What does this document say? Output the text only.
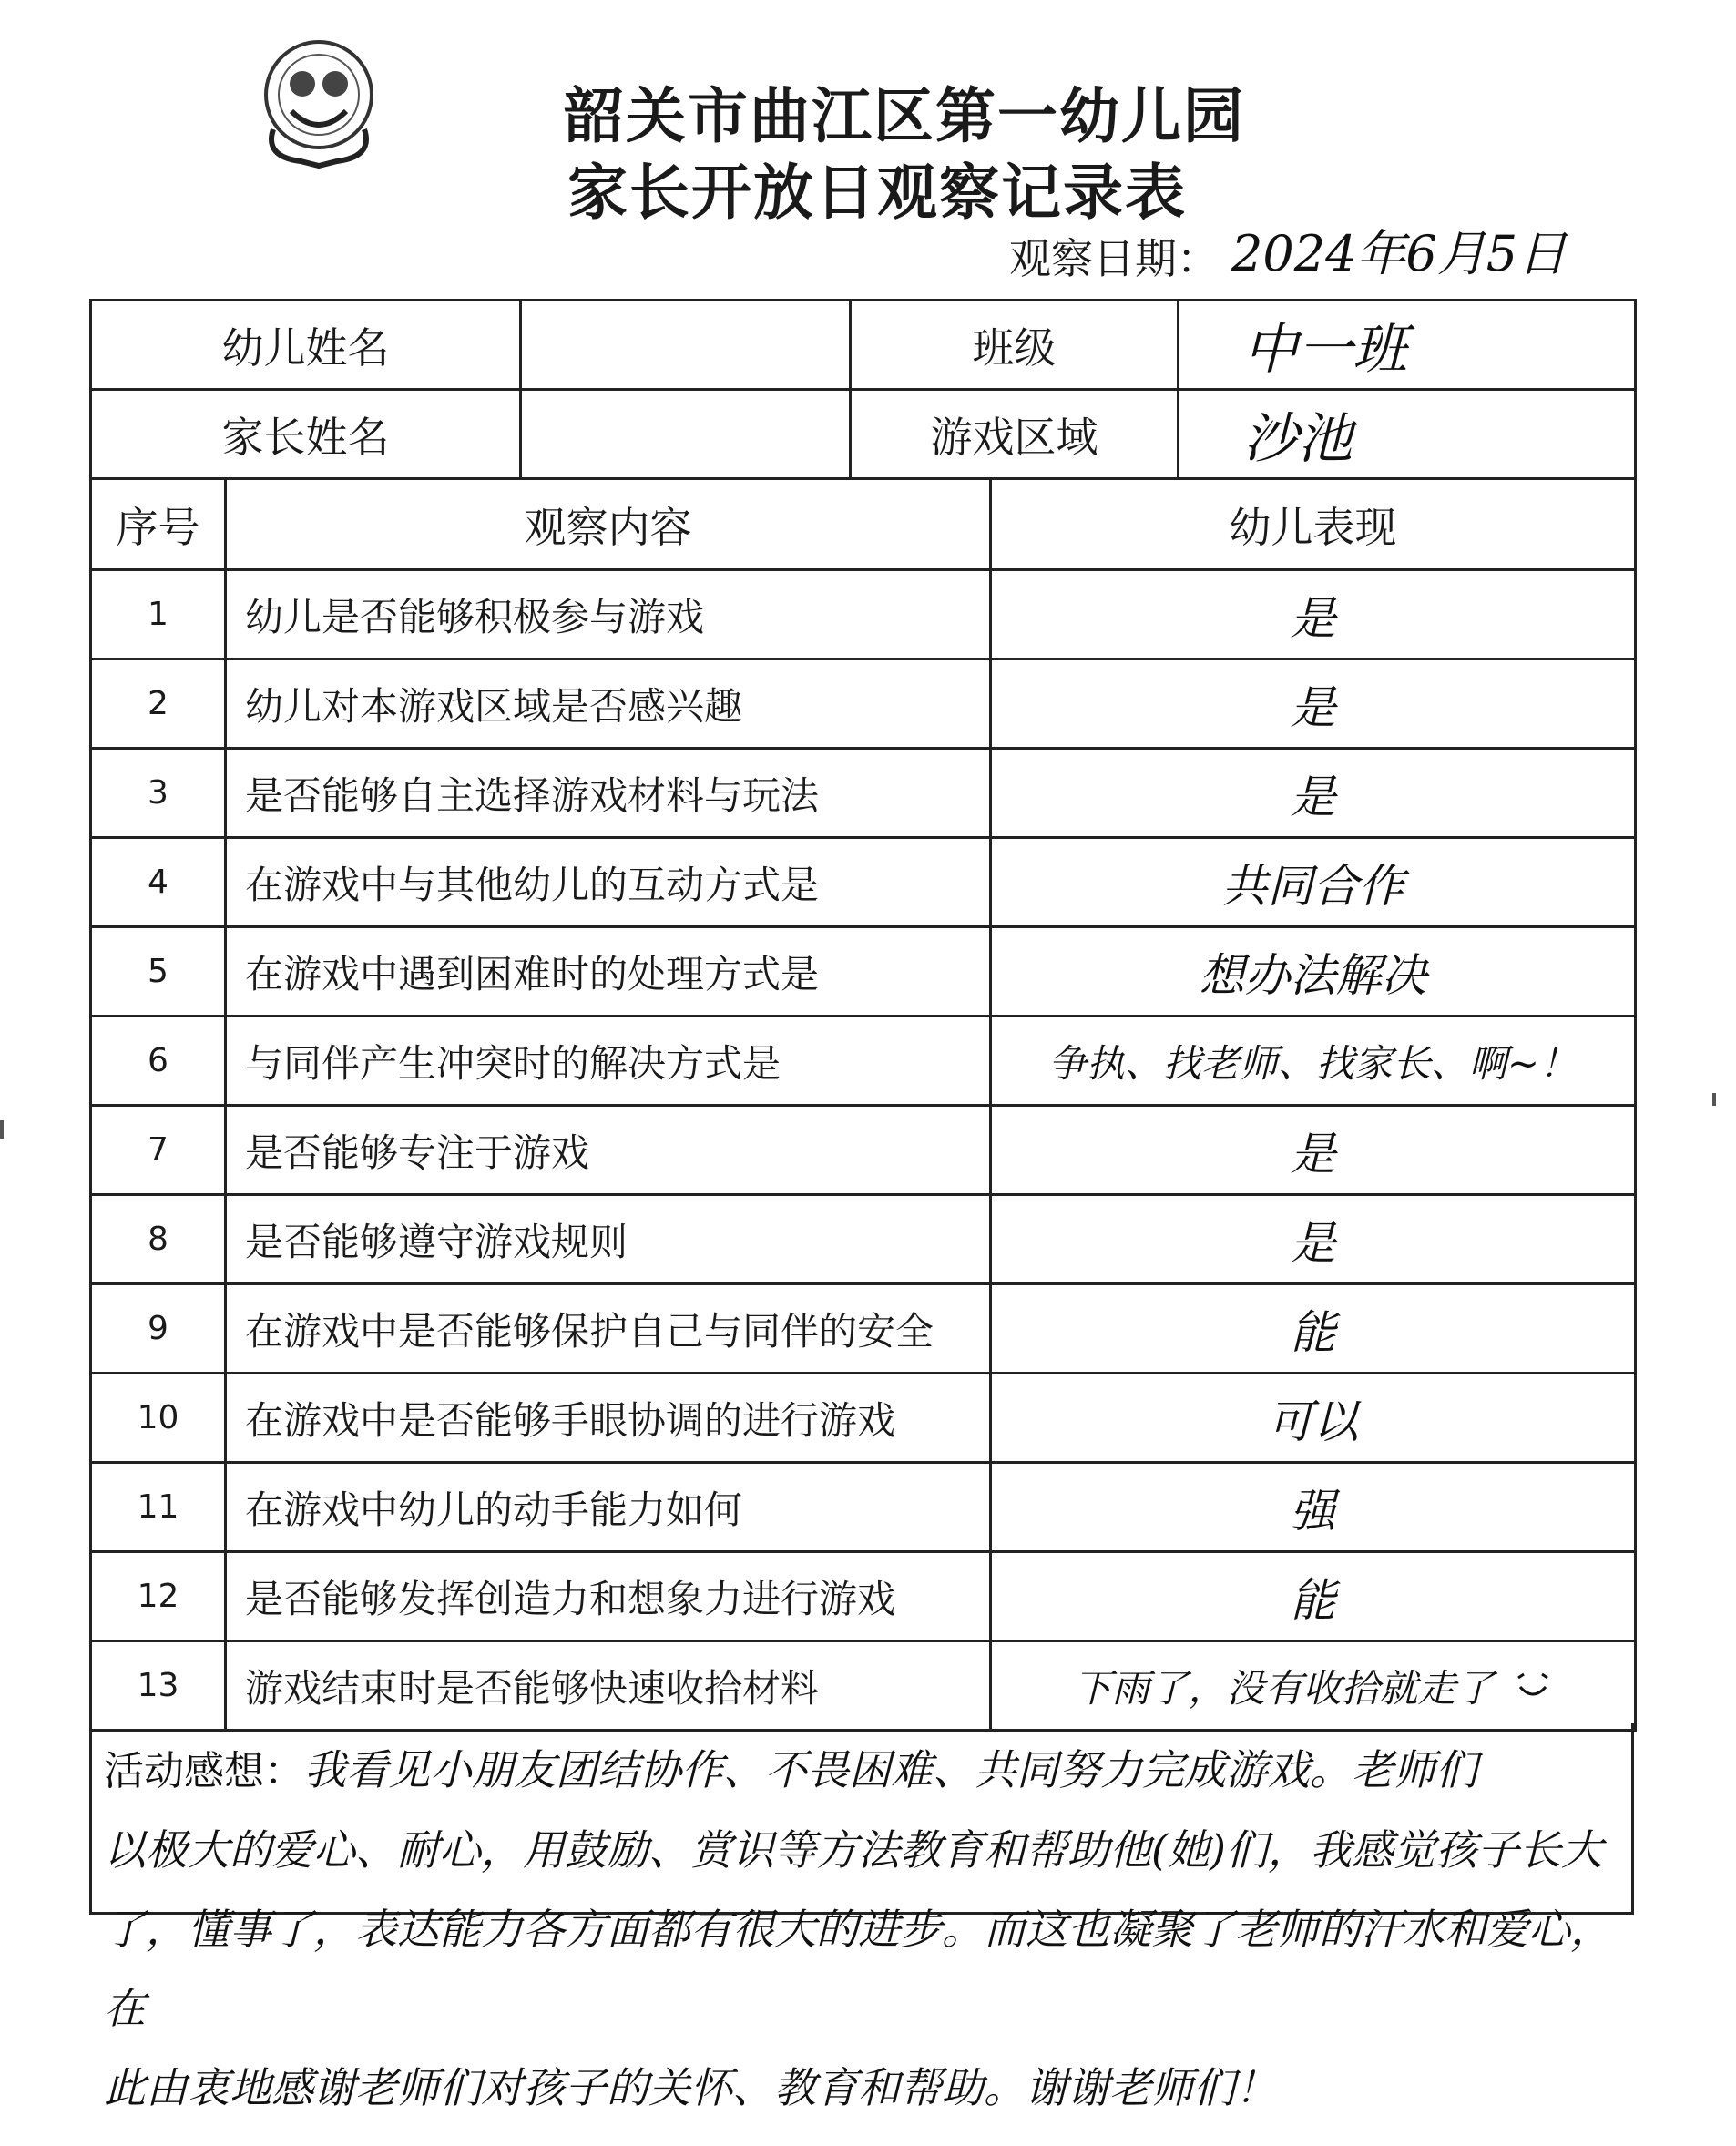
韶关市曲江区第一幼儿园
家长开放日观察记录表
观察日期： 2024年6月5日
幼儿姓名		班级	中一班
家长姓名		游戏区域	沙池
序号	观察内容	幼儿表现
1	幼儿是否能够积极参与游戏	是
2	幼儿对本游戏区域是否感兴趣	是
3	是否能够自主选择游戏材料与玩法	是
4	在游戏中与其他幼儿的互动方式是	共同合作
5	在游戏中遇到困难时的处理方式是	想办法解决
6	与同伴产生冲突时的解决方式是	争执、找老师、找家长、啊~！
7	是否能够专注于游戏	是
8	是否能够遵守游戏规则	是
9	在游戏中是否能够保护自己与同伴的安全	能
10	在游戏中是否能够手眼协调的进行游戏	可以
11	在游戏中幼儿的动手能力如何	强
12	是否能够发挥创造力和想象力进行游戏	能
13	游戏结束时是否能够快速收拾材料	下雨了，没有收拾就走了
活动感想：我看见小朋友团结协作、不畏困难、共同努力完成游戏。老师们
以极大的爱心、耐心，用鼓励、赏识等方法教育和帮助他(她)们，我感觉孩子长大
了，懂事了，表达能力各方面都有很大的进步。而这也凝聚了老师的汗水和爱心，在
此由衷地感谢老师们对孩子的关怀、教育和帮助。谢谢老师们！
